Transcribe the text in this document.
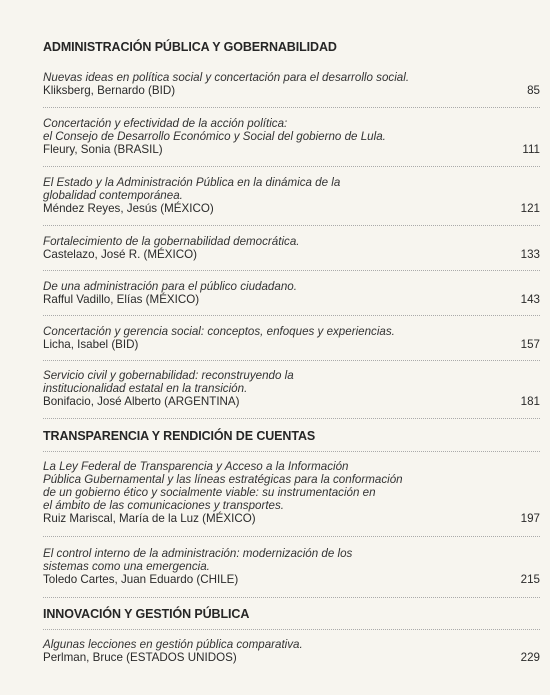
ADMINISTRACIÓN PÚBLICA Y GOBERNABILIDAD
Nuevas ideas en política social y concertación para el desarrollo social.
Kliksberg, Bernardo (BID)	85
Concertación y efectividad de la acción política:
el Consejo de Desarrollo Económico y Social del gobierno de Lula.
Fleury, Sonia (BRASIL)	111
El Estado y la Administración Pública en la dinámica de la
globalidad contemporánea.
Méndez Reyes, Jesús (MÉXICO)	121
Fortalecimiento de la gobernabilidad democrática.
Castelazo, José R. (MÉXICO)	133
De una administración para el público ciudadano.
Rafful Vadillo, Elías (MÉXICO)	143
Concertación y gerencia social: conceptos, enfoques y experiencias.
Licha, Isabel (BID)	157
Servicio civil y gobernabilidad: reconstruyendo la
institucionalidad estatal en la transición.
Bonifacio, José Alberto (ARGENTINA)	181
TRANSPARENCIA Y RENDICIÓN DE CUENTAS
La Ley Federal de Transparencia y Acceso a la Información
Pública Gubernamental y las líneas estratégicas para la conformación
de un gobierno ético y socialmente viable: su instrumentación en
el ámbito de las comunicaciones y transportes.
Ruiz Mariscal, María de la Luz (MÉXICO)	197
El control interno de la administración: modernización de los
sistemas como una emergencia.
Toledo Cartes, Juan Eduardo (CHILE)	215
INNOVACIÓN Y GESTIÓN PÚBLICA
Algunas lecciones en gestión pública comparativa.
Perlman, Bruce (ESTADOS UNIDOS)	229
